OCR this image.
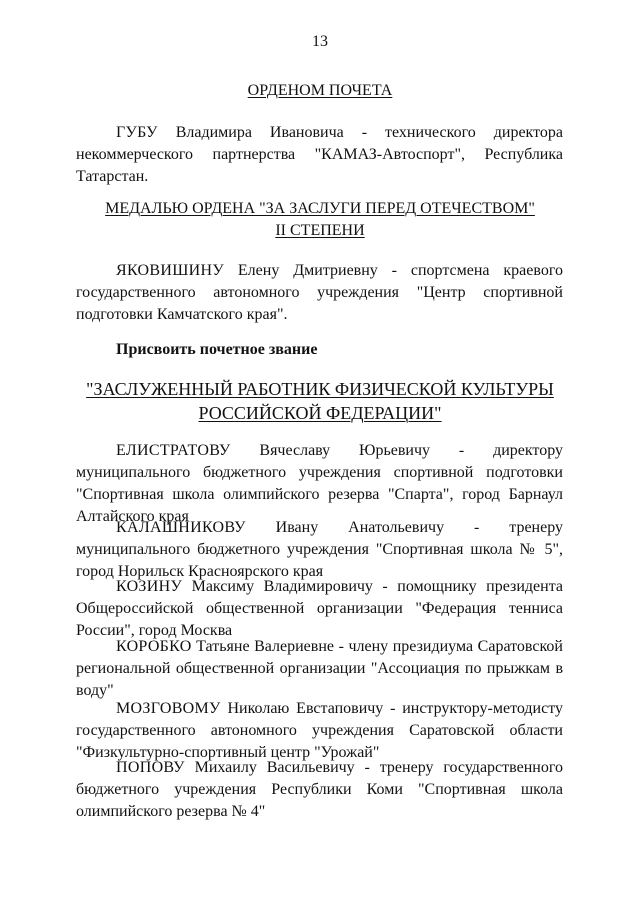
13
ОРДЕНОМ ПОЧЕТА

ГУБУ Владимира Ивановича - технического директора некоммерческого партнерства "КАМАЗ-Автоспорт", Республика Татарстан.

МЕДАЛЬЮ ОРДЕНА "ЗА ЗАСЛУГИ ПЕРЕД ОТЕЧЕСТВОМ"
II СТЕПЕНИ

ЯКОВИШИНУ Елену Дмитриевну - спортсмена краевого государственного автономного учреждения "Центр спортивной подготовки Камчатского края".

Присвоить почетное звание
"ЗАСЛУЖЕННЫЙ РАБОТНИК ФИЗИЧЕСКОЙ КУЛЬТУРЫ
РОССИЙСКОЙ ФЕДЕРАЦИИ"

ЕЛИСТРАТОВУ Вячеславу Юрьевичу - директору муниципального бюджетного учреждения спортивной подготовки "Спортивная школа олимпийского резерва "Спарта", город Барнаул Алтайского края

КАЛАШНИКОВУ Ивану Анатольевичу - тренеру муниципального бюджетного учреждения "Спортивная школа № 5", город Норильск Красноярского края

КОЗИНУ Максиму Владимировичу - помощнику президента Общероссийской общественной организации "Федерация тенниса России", город Москва

КОРОБКО Татьяне Валериевне - члену президиума Саратовской региональной общественной организации "Ассоциация по прыжкам в воду"

МОЗГОВОМУ Николаю Евстаповичу - инструктору-методисту государственного автономного учреждения Саратовской области "Физкультурно-спортивный центр "Урожай"

ПОПОВУ Михаилу Васильевичу - тренеру государственного бюджетного учреждения Республики Коми "Спортивная школа олимпийского резерва № 4"
